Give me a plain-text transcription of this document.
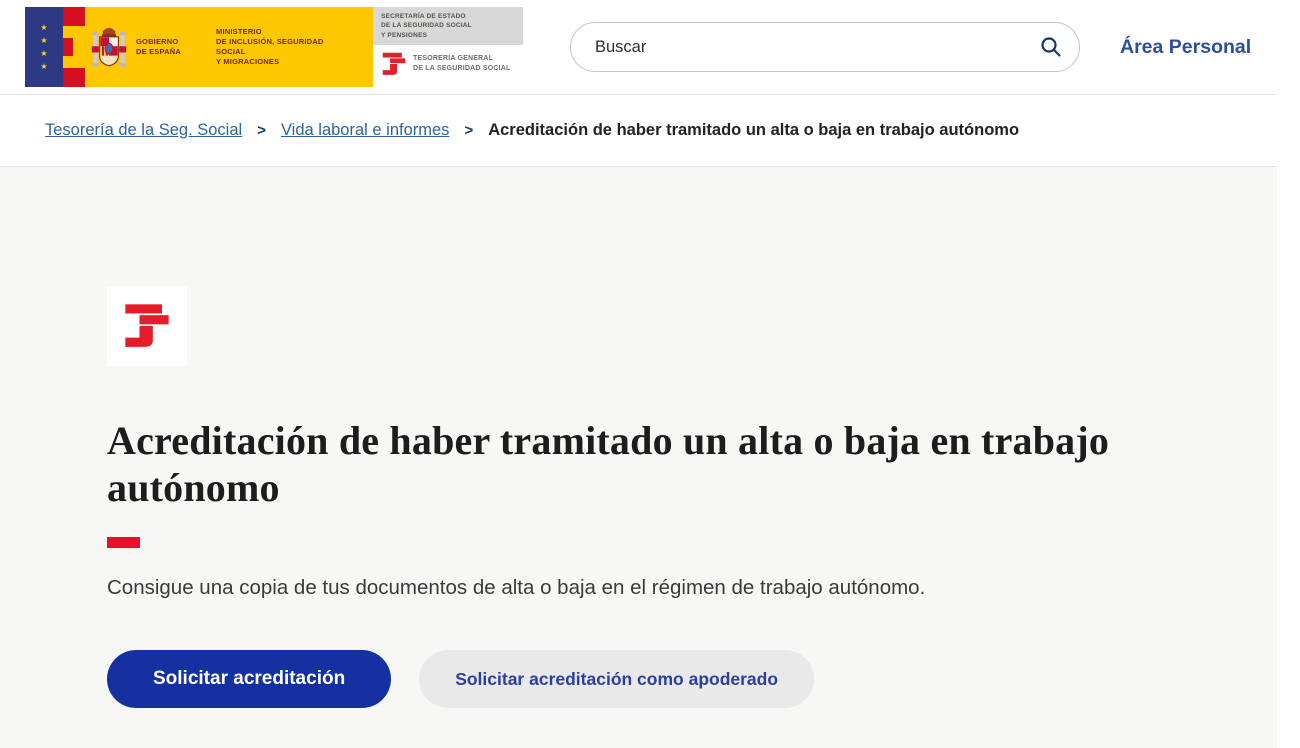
★
★
★
★
GOBIERNO
DE ESPAÑA
MINISTERIO
DE INCLUSIÓN, SEGURIDAD SOCIAL
Y MIGRACIONES
SECRETARÍA DE ESTADO
DE LA SEGURIDAD SOCIAL
Y PENSIONES
TESORERÍA GENERAL
DE LA SEGURIDAD SOCIAL
Buscar
Área Personal
Tesorería de la Seg. Social > Vida laboral e informes > Acreditación de haber tramitado un alta o baja en trabajo autónomo
Acreditación de haber tramitado un alta o baja en trabajo autónomo

Consigue una copia de tus documentos de alta o baja en el régimen de trabajo autónomo.

Solicitar acreditación	Solicitar acreditación como apoderado
